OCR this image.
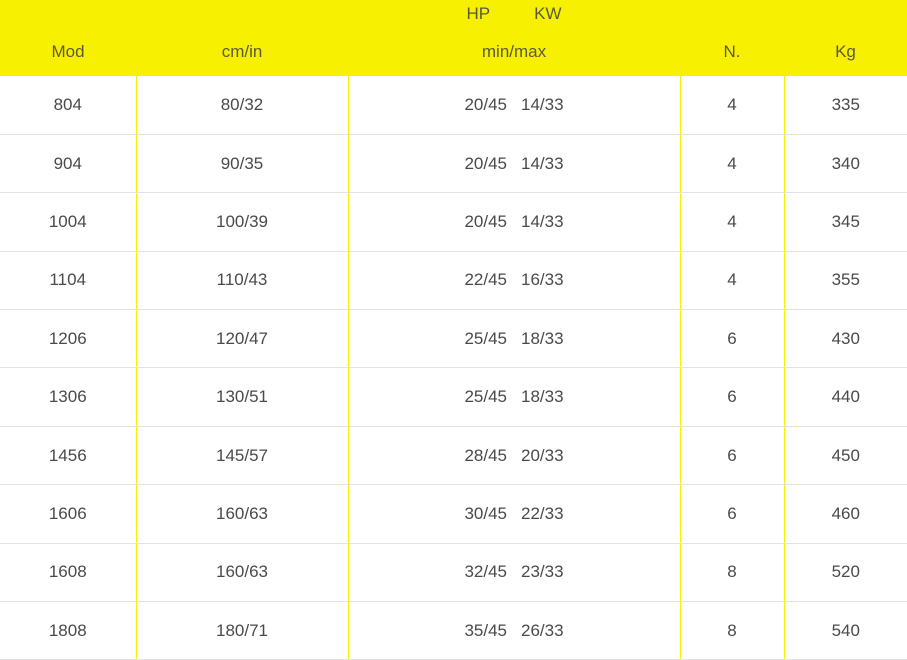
		HP KW		

Mod	cm/in	min/max	N.	Kg
804	80/32	20/45 14/33	4	335
904	90/35	20/45 14/33	4	340
1004	100/39	20/45 14/33	4	345
1104	110/43	22/45 16/33	4	355
1206	120/47	25/45 18/33	6	430
1306	130/51	25/45 18/33	6	440
1456	145/57	28/45 20/33	6	450
1606	160/63	30/45 22/33	6	460
1608	160/63	32/45 23/33	8	520
1808	180/71	35/45 26/33	8	540
